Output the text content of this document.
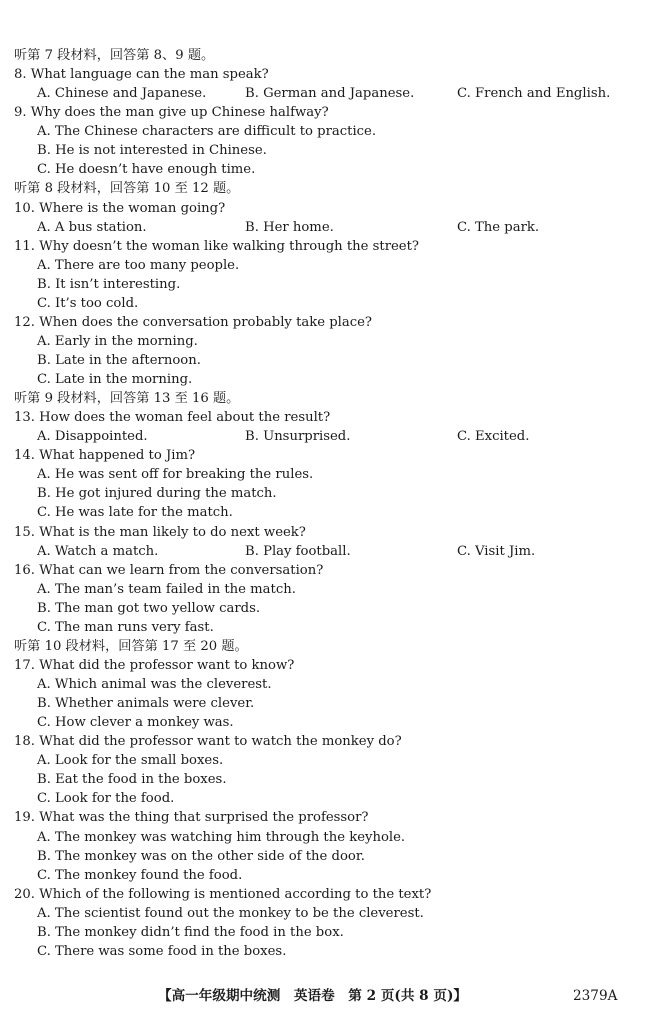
听第 7 段材料，回答第 8、9 题。
8. What language can the man speak?
A. Chinese and Japanese.	B. German and Japanese.	C. French and English.
9. Why does the man give up Chinese halfway?
A. The Chinese characters are difficult to practice.
B. He is not interested in Chinese.
C. He doesn’t have enough time.
听第 8 段材料，回答第 10 至 12 题。
10. Where is the woman going?
A. A bus station.	B. Her home.	C. The park.
11. Why doesn’t the woman like walking through the street?
A. There are too many people.
B. It isn’t interesting.
C. It’s too cold.
12. When does the conversation probably take place?
A. Early in the morning.
B. Late in the afternoon.
C. Late in the morning.
听第 9 段材料，回答第 13 至 16 题。
13. How does the woman feel about the result?
A. Disappointed.	B. Unsurprised.	C. Excited.
14. What happened to Jim?
A. He was sent off for breaking the rules.
B. He got injured during the match.
C. He was late for the match.
15. What is the man likely to do next week?
A. Watch a match.	B. Play football.	C. Visit Jim.
16. What can we learn from the conversation?
A. The man’s team failed in the match.
B. The man got two yellow cards.
C. The man runs very fast.
听第 10 段材料，回答第 17 至 20 题。
17. What did the professor want to know?
A. Which animal was the cleverest.
B. Whether animals were clever.
C. How clever a monkey was.
18. What did the professor want to watch the monkey do?
A. Look for the small boxes.
B. Eat the food in the boxes.
C. Look for the food.
19. What was the thing that surprised the professor?
A. The monkey was watching him through the keyhole.
B. The monkey was on the other side of the door.
C. The monkey found the food.
20. Which of the following is mentioned according to the text?
A. The scientist found out the monkey to be the cleverest.
B. The monkey didn’t find the food in the box.
C. There was some food in the boxes.
【高一年级期中统测　英语卷　第 2 页(共 8 页)】	2379A
